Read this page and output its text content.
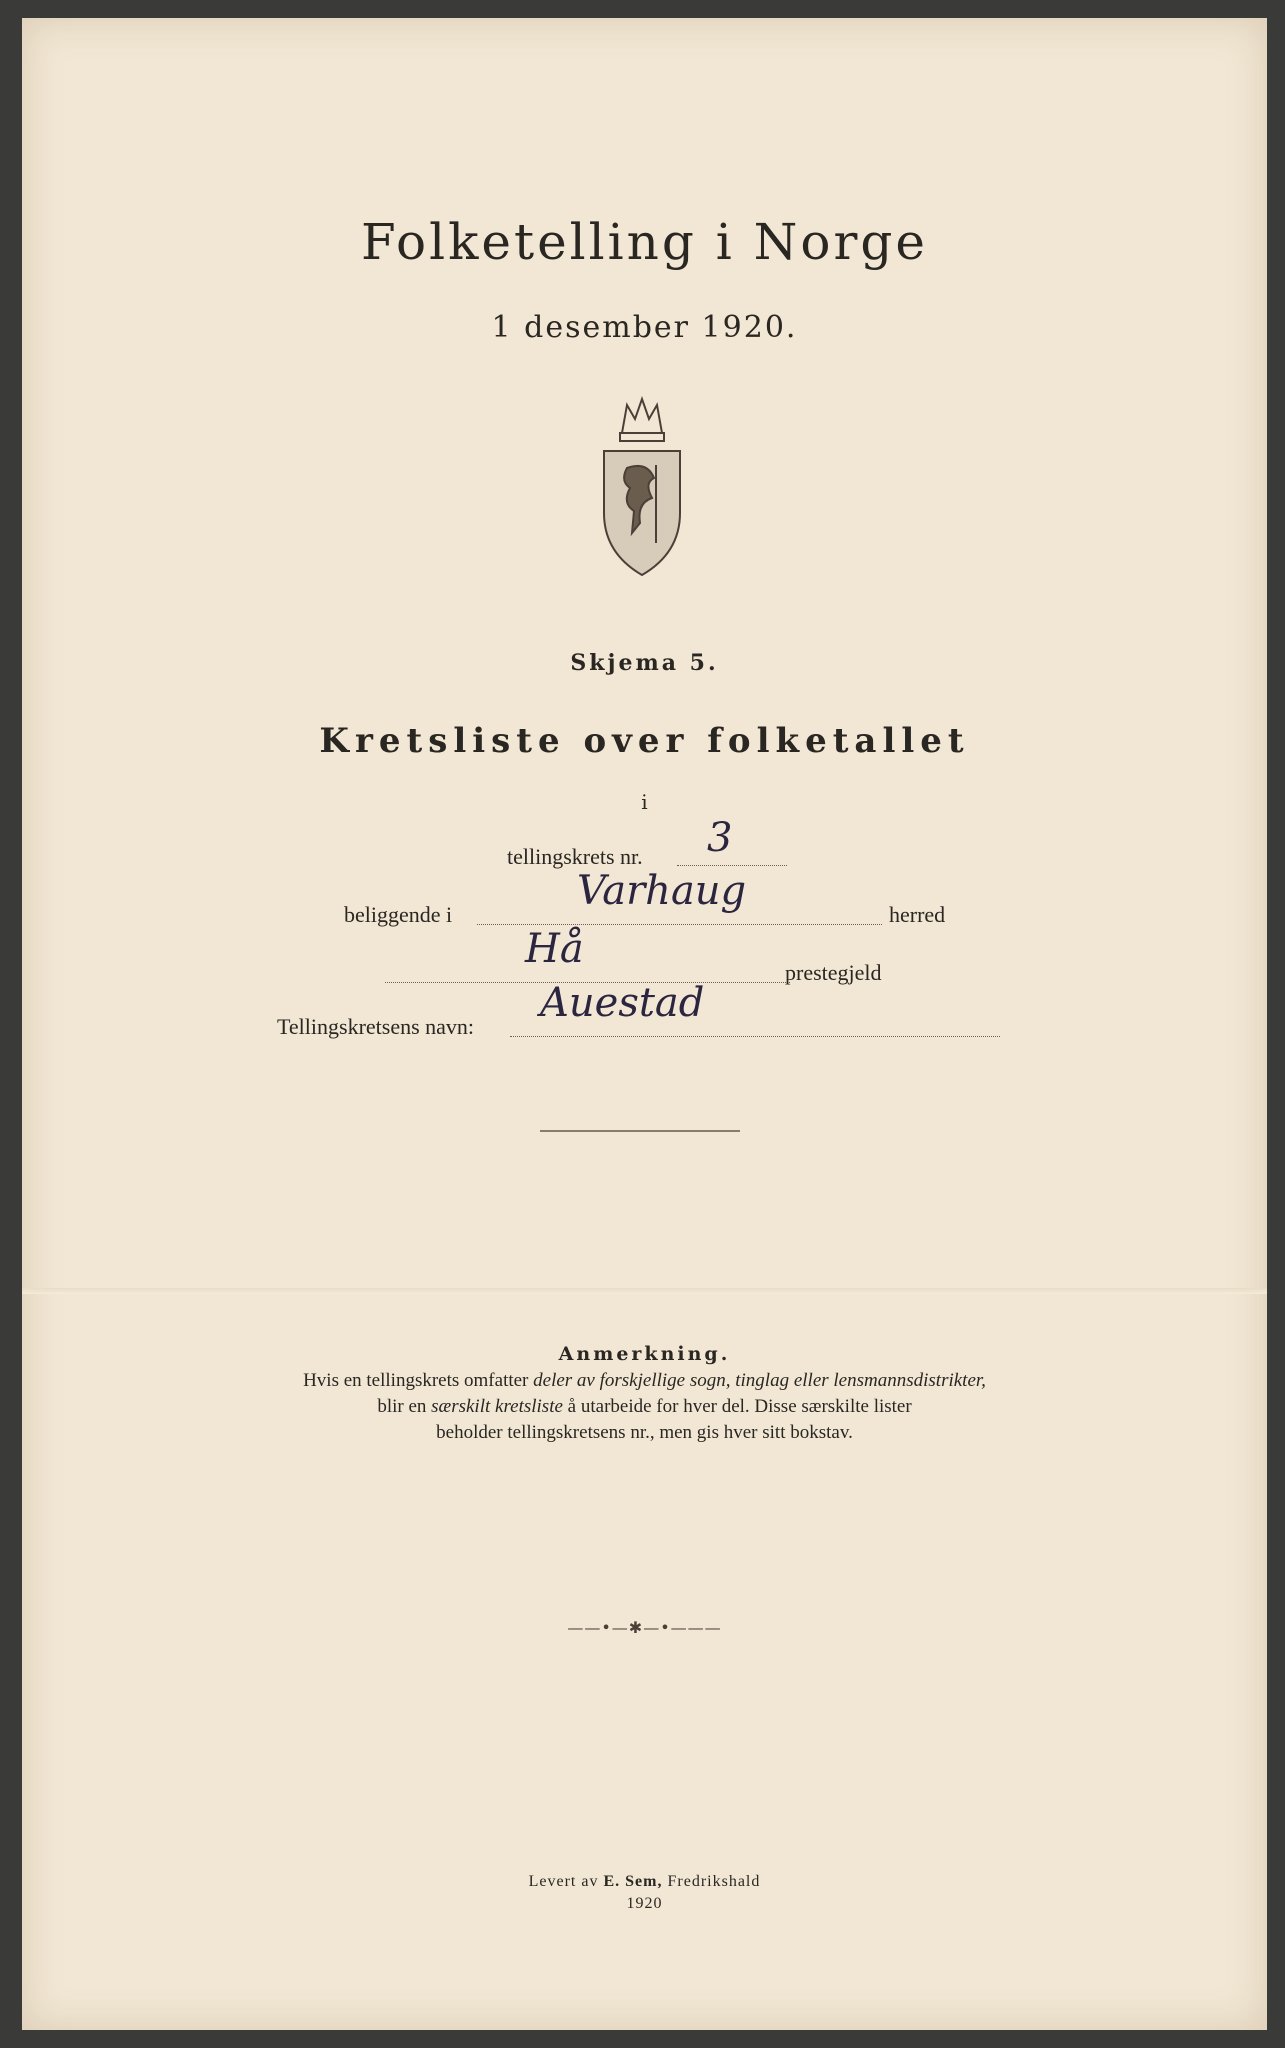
Folketelling i Norge
1 desember 1920.
Skjema 5.
Kretsliste over folketallet
i
tellingskrets nr. 3
beliggende i
Varhaug
herred
Hå
prestegjeld
Tellingskretsens navn:
Auestad
Anmerkning.
Hvis en tellingskrets omfatter deler av forskjellige sogn, tinglag eller lensmannsdistrikter,
blir en særskilt kretsliste å utarbeide for hver del. Disse særskilte lister
beholder tellingskretsens nr., men gis hver sitt bokstav.
——•—✱—•———
Levert av E. Sem, Fredrikshald
1920
